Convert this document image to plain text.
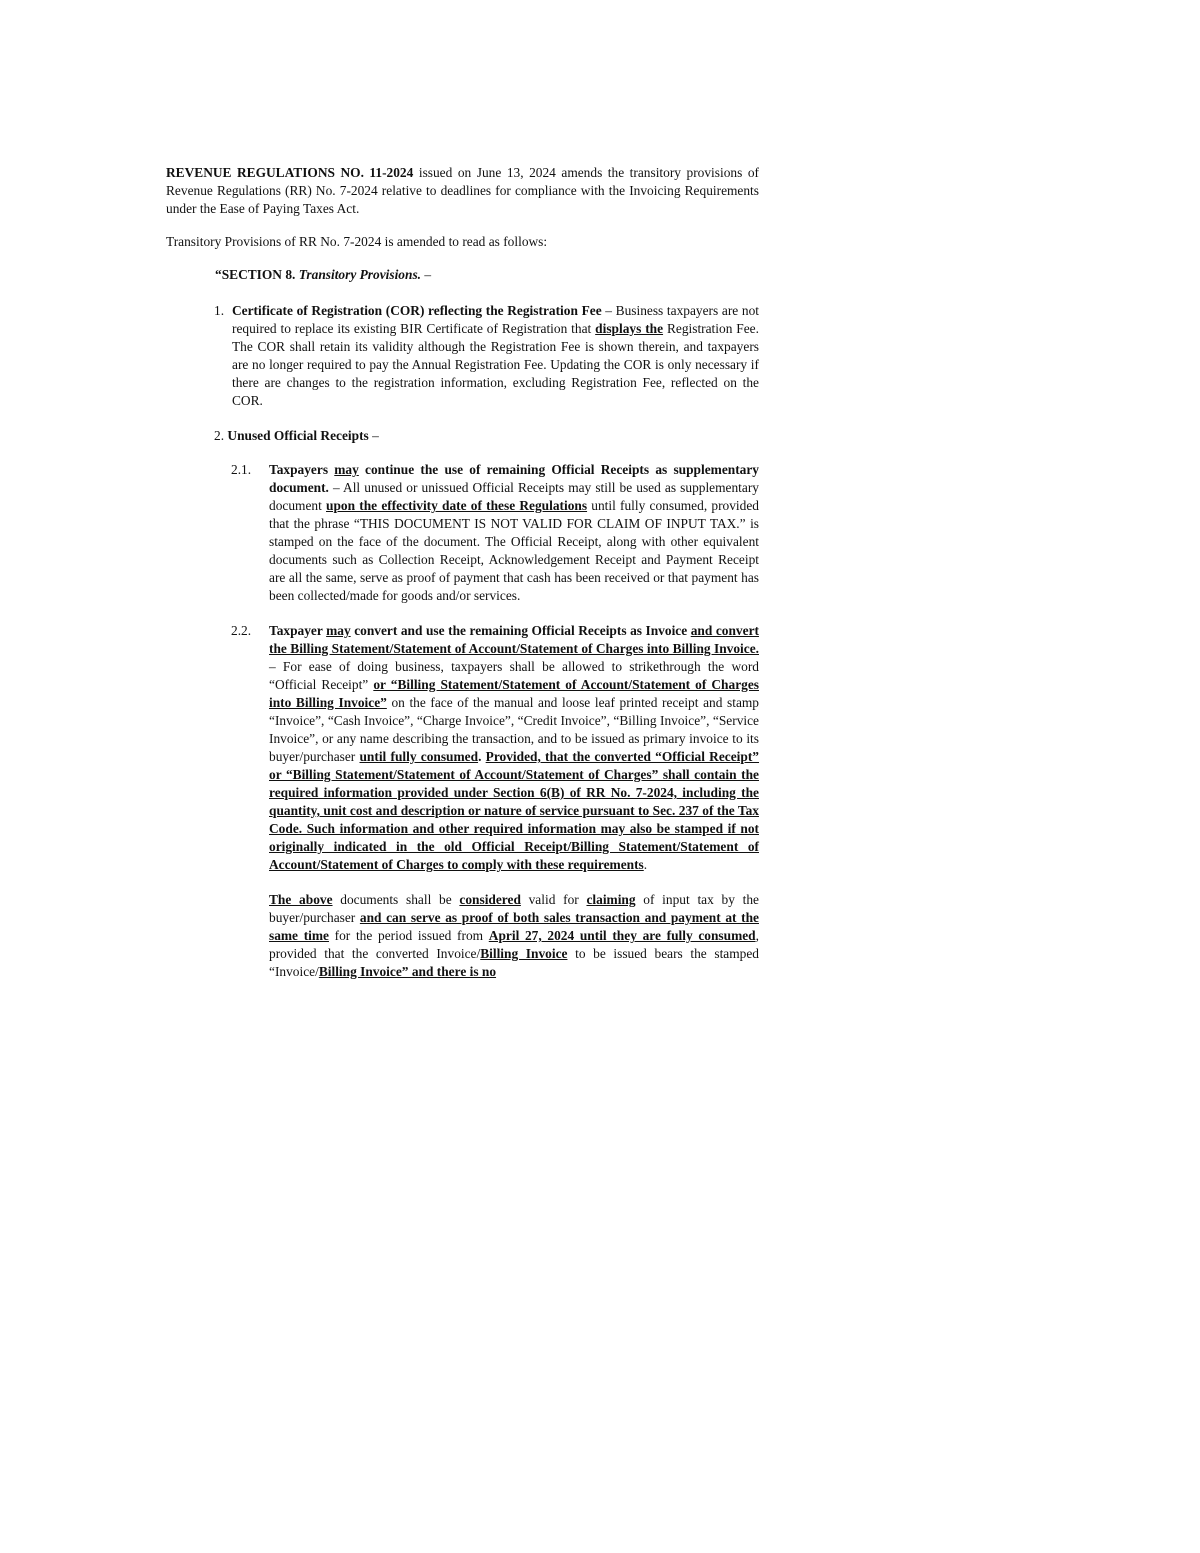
REVENUE REGULATIONS NO. 11-2024 issued on June 13, 2024 amends the transitory provisions of Revenue Regulations (RR) No. 7-2024 relative to deadlines for compliance with the Invoicing Requirements under the Ease of Paying Taxes Act.

Transitory Provisions of RR No. 7-2024 is amended to read as follows:

“SECTION 8. Transitory Provisions. –

1. Certificate of Registration (COR) reflecting the Registration Fee – Business taxpayers are not required to replace its existing BIR Certificate of Registration that displays the Registration Fee. The COR shall retain its validity although the Registration Fee is shown therein, and taxpayers are no longer required to pay the Annual Registration Fee. Updating the COR is only necessary if there are changes to the registration information, excluding Registration Fee, reflected on the COR.

2. Unused Official Receipts –

2.1. Taxpayers may continue the use of remaining Official Receipts as supplementary document. – All unused or unissued Official Receipts may still be used as supplementary document upon the effectivity date of these Regulations until fully consumed, provided that the phrase “THIS DOCUMENT IS NOT VALID FOR CLAIM OF INPUT TAX.” is stamped on the face of the document. The Official Receipt, along with other equivalent documents such as Collection Receipt, Acknowledgement Receipt and Payment Receipt are all the same, serve as proof of payment that cash has been received or that payment has been collected/made for goods and/or services.

2.2. Taxpayer may convert and use the remaining Official Receipts as Invoice and convert the Billing Statement/Statement of Account/Statement of Charges into Billing Invoice. – For ease of doing business, taxpayers shall be allowed to strikethrough the word “Official Receipt” or “Billing Statement/Statement of Account/Statement of Charges into Billing Invoice” on the face of the manual and loose leaf printed receipt and stamp “Invoice”, “Cash Invoice”, “Charge Invoice”, “Credit Invoice”, “Billing Invoice”, “Service Invoice”, or any name describing the transaction, and to be issued as primary invoice to its buyer/purchaser until fully consumed. Provided, that the converted “Official Receipt” or “Billing Statement/Statement of Account/Statement of Charges” shall contain the required information provided under Section 6(B) of RR No. 7-2024, including the quantity, unit cost and description or nature of service pursuant to Sec. 237 of the Tax Code. Such information and other required information may also be stamped if not originally indicated in the old Official Receipt/Billing Statement/Statement of Account/Statement of Charges to comply with these requirements.

The above documents shall be considered valid for claiming of input tax by the buyer/purchaser and can serve as proof of both sales transaction and payment at the same time for the period issued from April 27, 2024 until they are fully consumed, provided that the converted Invoice/Billing Invoice to be issued bears the stamped “Invoice/Billing Invoice” and there is no
